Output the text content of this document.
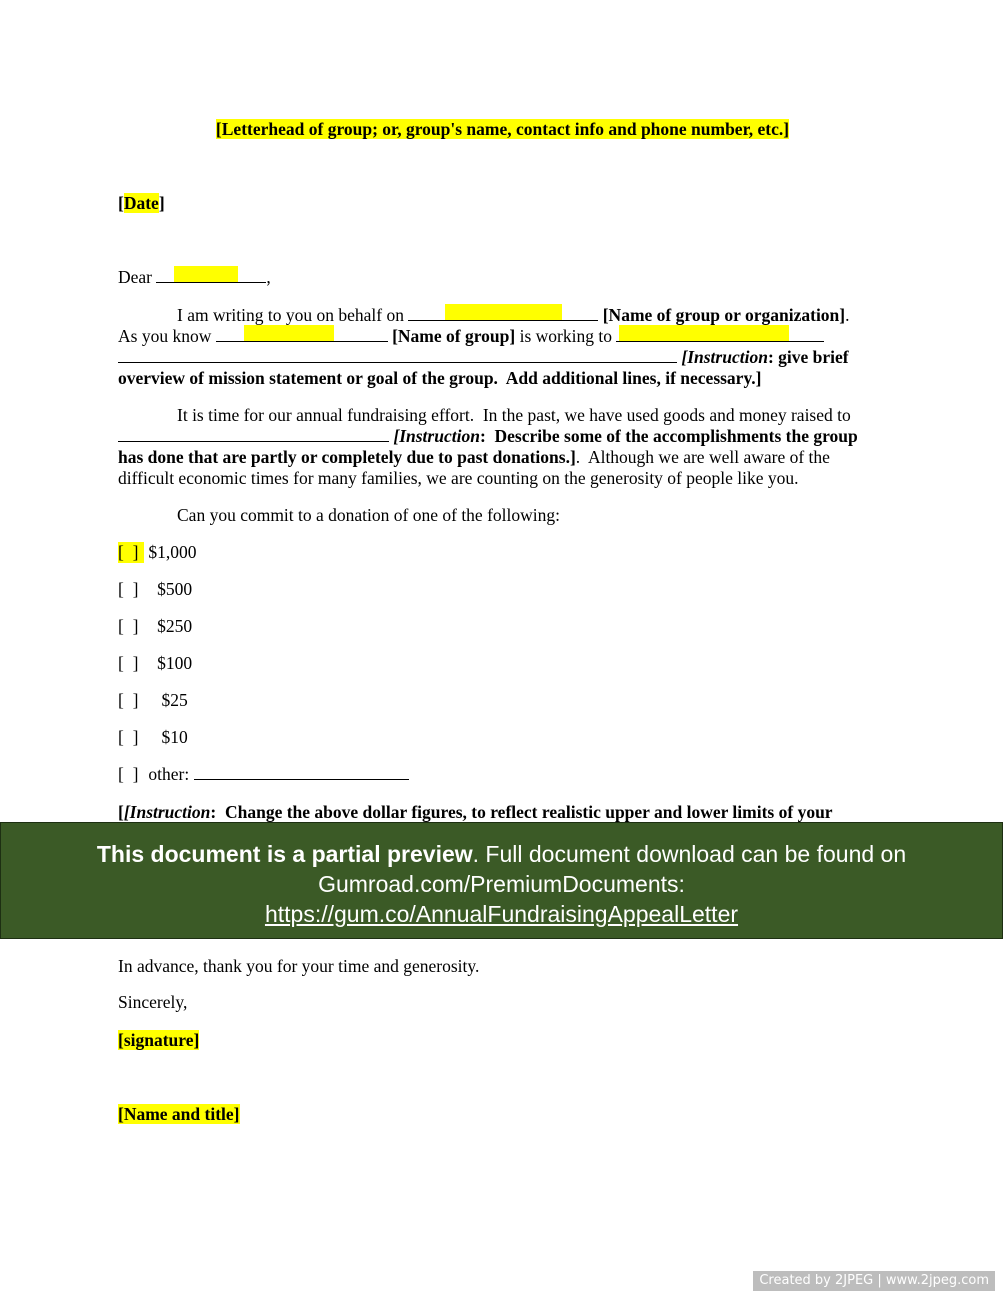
[Letterhead of group; or, group's name, contact info and phone number, etc.]
[Date]
Dear	,
I am writing to you on behalf on	[Name of group or organization].
As you know	[Name of group] is working to
[Instruction: give brief
overview of mission statement or goal of the group.  Add additional lines, if necessary.]
It is time for our annual fundraising effort.  In the past, we have used goods and money raised to
[Instruction:  Describe some of the accomplishments the group
has done that are partly or completely due to past donations.].  Although we are well aware of the
difficult economic times for many families, we are counting on the generosity of people like you.
Can you commit to a donation of one of the following:
[  ] $1,000
[  ] $500
[  ] $250
[  ] $100
[  ] $25
[  ] $10
[  ] other:
[[Instruction:  Change the above dollar figures, to reflect realistic upper and lower limits of your
In advance, thank you for your time and generosity.
Sincerely,
[signature]
[Name and title]
This document is a partial preview. Full document download can be found on
Gumroad.com/PremiumDocuments:
https://gum.co/AnnualFundraisingAppealLetter
Created by 2JPEG | www.2jpeg.com
